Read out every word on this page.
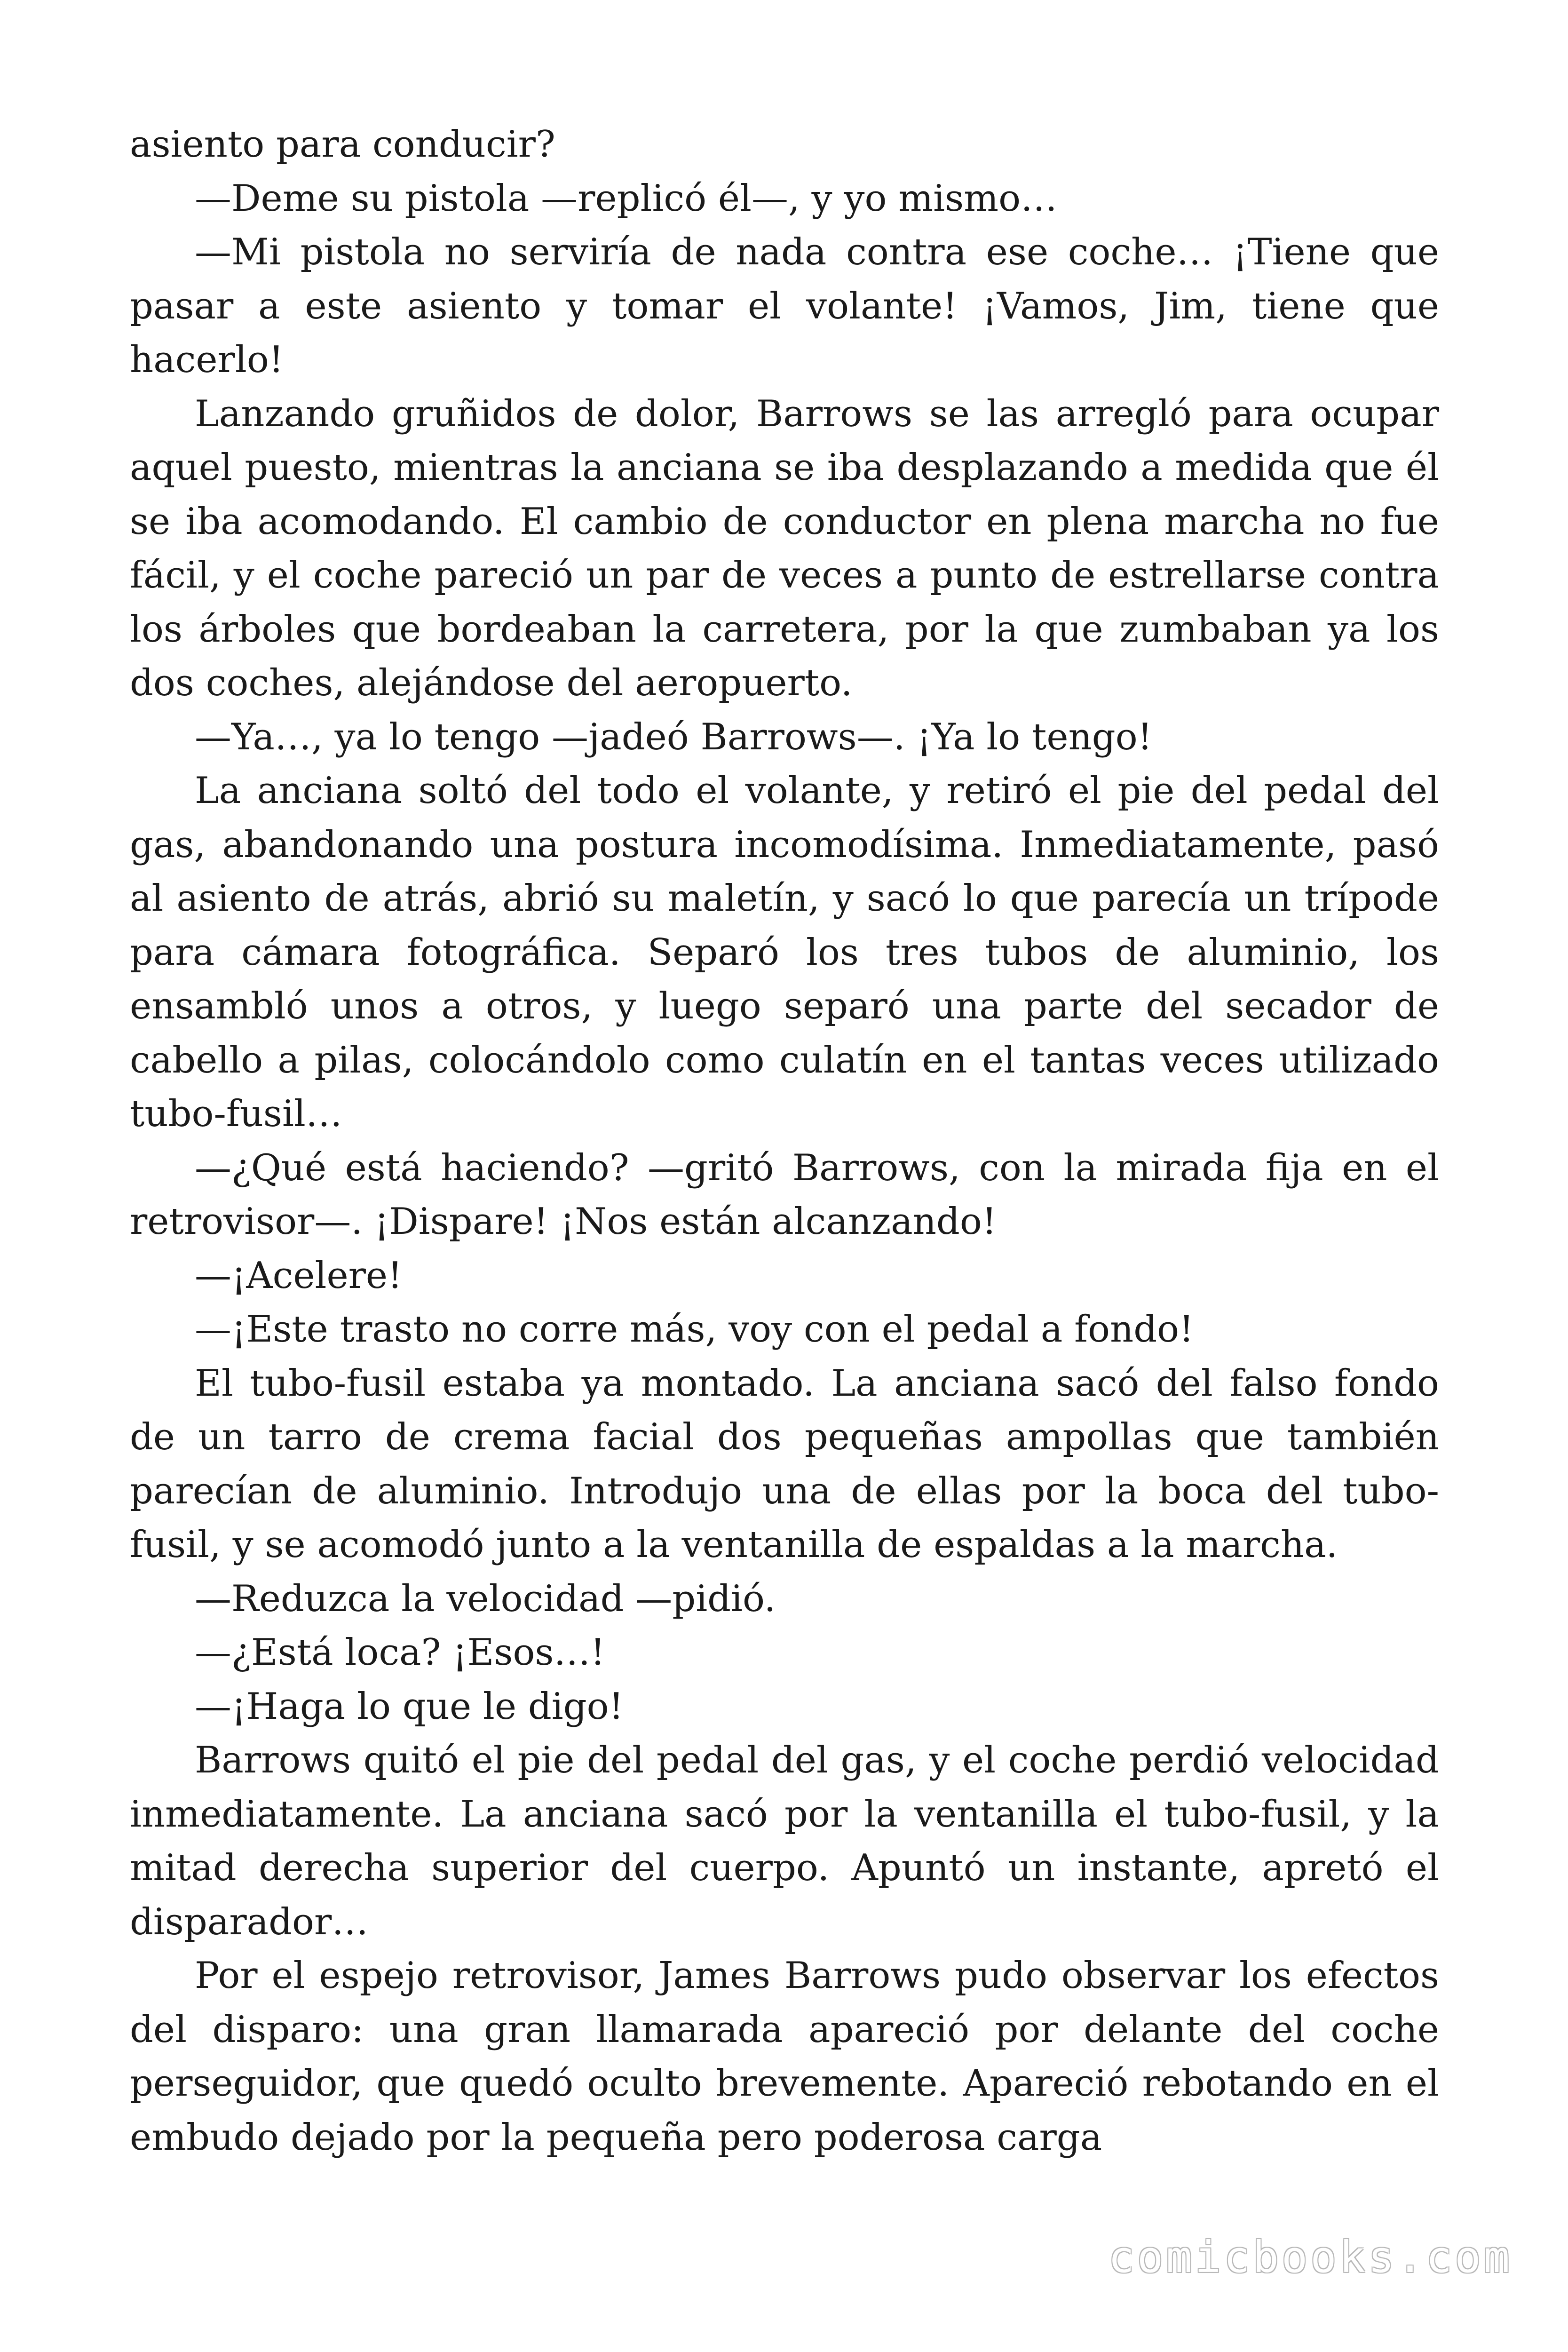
asiento para conducir?

—Deme su pistola —replicó él—, y yo mismo…

—Mi pistola no serviría de nada contra ese coche… ¡Tiene que pasar a este asiento y tomar el volante! ¡Vamos, Jim, tiene que hacerlo!

Lanzando gruñidos de dolor, Barrows se las arregló para ocupar aquel puesto, mientras la anciana se iba desplazando a medida que él se iba acomodando. El cambio de conductor en plena marcha no fue fácil, y el coche pareció un par de veces a punto de estrellarse contra los árboles que bordeaban la carretera, por la que zumbaban ya los dos coches, alejándose del aeropuerto.

—Ya…, ya lo tengo —jadeó Barrows—. ¡Ya lo tengo!

La anciana soltó del todo el volante, y retiró el pie del pedal del gas, abandonando una postura incomodísima. Inmediatamente, pasó al asiento de atrás, abrió su maletín, y sacó lo que parecía un trípode para cámara fotográfica. Separó los tres tubos de aluminio, los ensambló unos a otros, y luego separó una parte del secador de cabello a pilas, colocándolo como culatín en el tantas veces utilizado tubo-fusil…

—¿Qué está haciendo? —gritó Barrows, con la mirada fija en el retrovisor—. ¡Dispare! ¡Nos están alcanzando!

—¡Acelere!

—¡Este trasto no corre más, voy con el pedal a fondo!

El tubo-fusil estaba ya montado. La anciana sacó del falso fondo de un tarro de crema facial dos pequeñas ampollas que también parecían de aluminio. Introdujo una de ellas por la boca del tubo-fusil, y se acomodó junto a la ventanilla de espaldas a la marcha.

—Reduzca la velocidad —pidió.

—¿Está loca? ¡Esos…!

—¡Haga lo que le digo!

Barrows quitó el pie del pedal del gas, y el coche perdió velocidad inmediatamente. La anciana sacó por la ventanilla el tubo-fusil, y la mitad derecha superior del cuerpo. Apuntó un instante, apretó el disparador…

Por el espejo retrovisor, James Barrows pudo observar los efectos del disparo: una gran llamarada apareció por delante del coche perseguidor, que quedó oculto brevemente. Apareció rebotando en el embudo dejado por la pequeña pero poderosa carga

comicbooks.com
